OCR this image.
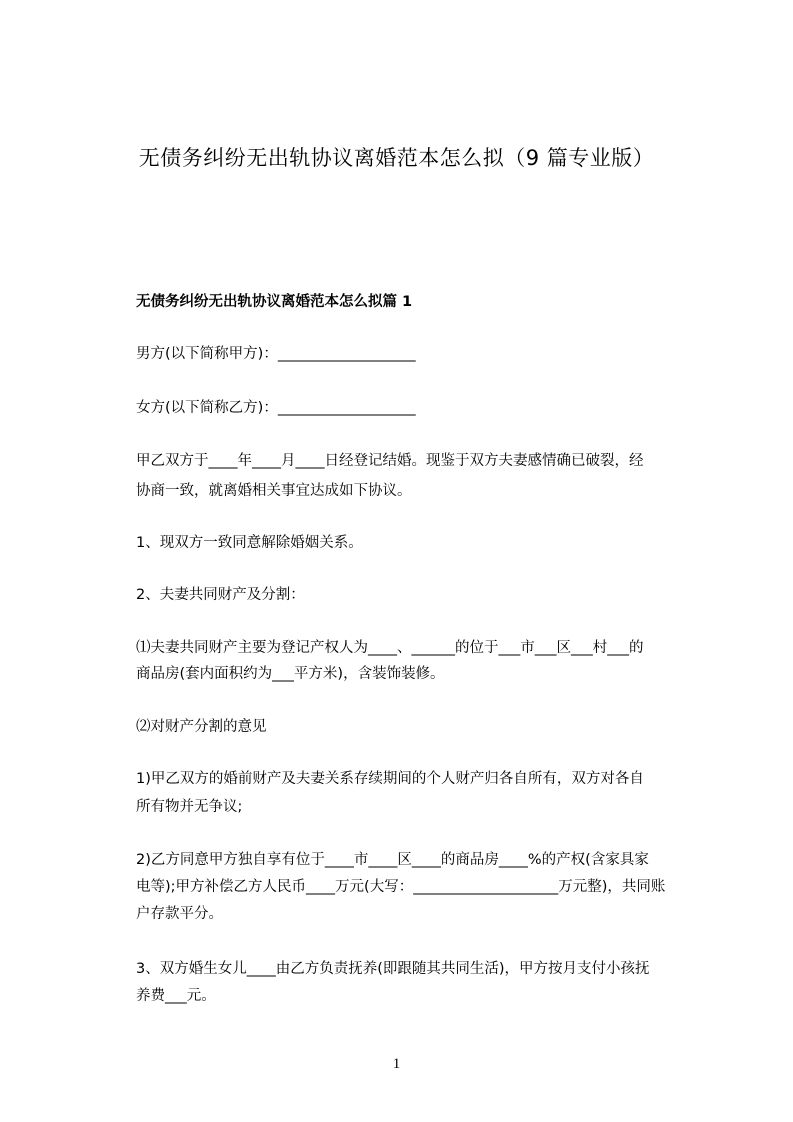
无债务纠纷无出轨协议离婚范本怎么拟（9 篇专业版）
无债务纠纷无出轨协议离婚范本怎么拟篇 1
男方(以下简称甲方)：___________________
女方(以下简称乙方)：___________________
甲乙双方于____年____月____日经登记结婚。现鉴于双方夫妻感情确已破裂，经
协商一致，就离婚相关事宜达成如下协议。
1、现双方一致同意解除婚姻关系。
2、夫妻共同财产及分割：
⑴夫妻共同财产主要为登记产权人为____、______的位于___市___区___村___的
商品房(套内面积约为___平方米)，含装饰装修。
⑵对财产分割的意见
1)甲乙双方的婚前财产及夫妻关系存续期间的个人财产归各自所有，双方对各自
所有物并无争议;
2)乙方同意甲方独自享有位于____市____区____的商品房____%的产权(含家具家
电等);甲方补偿乙方人民币____万元(大写：____________________万元整)，共同账
户存款平分。
3、双方婚生女儿____由乙方负责抚养(即跟随其共同生活)，甲方按月支付小孩抚
养费___元。
1
